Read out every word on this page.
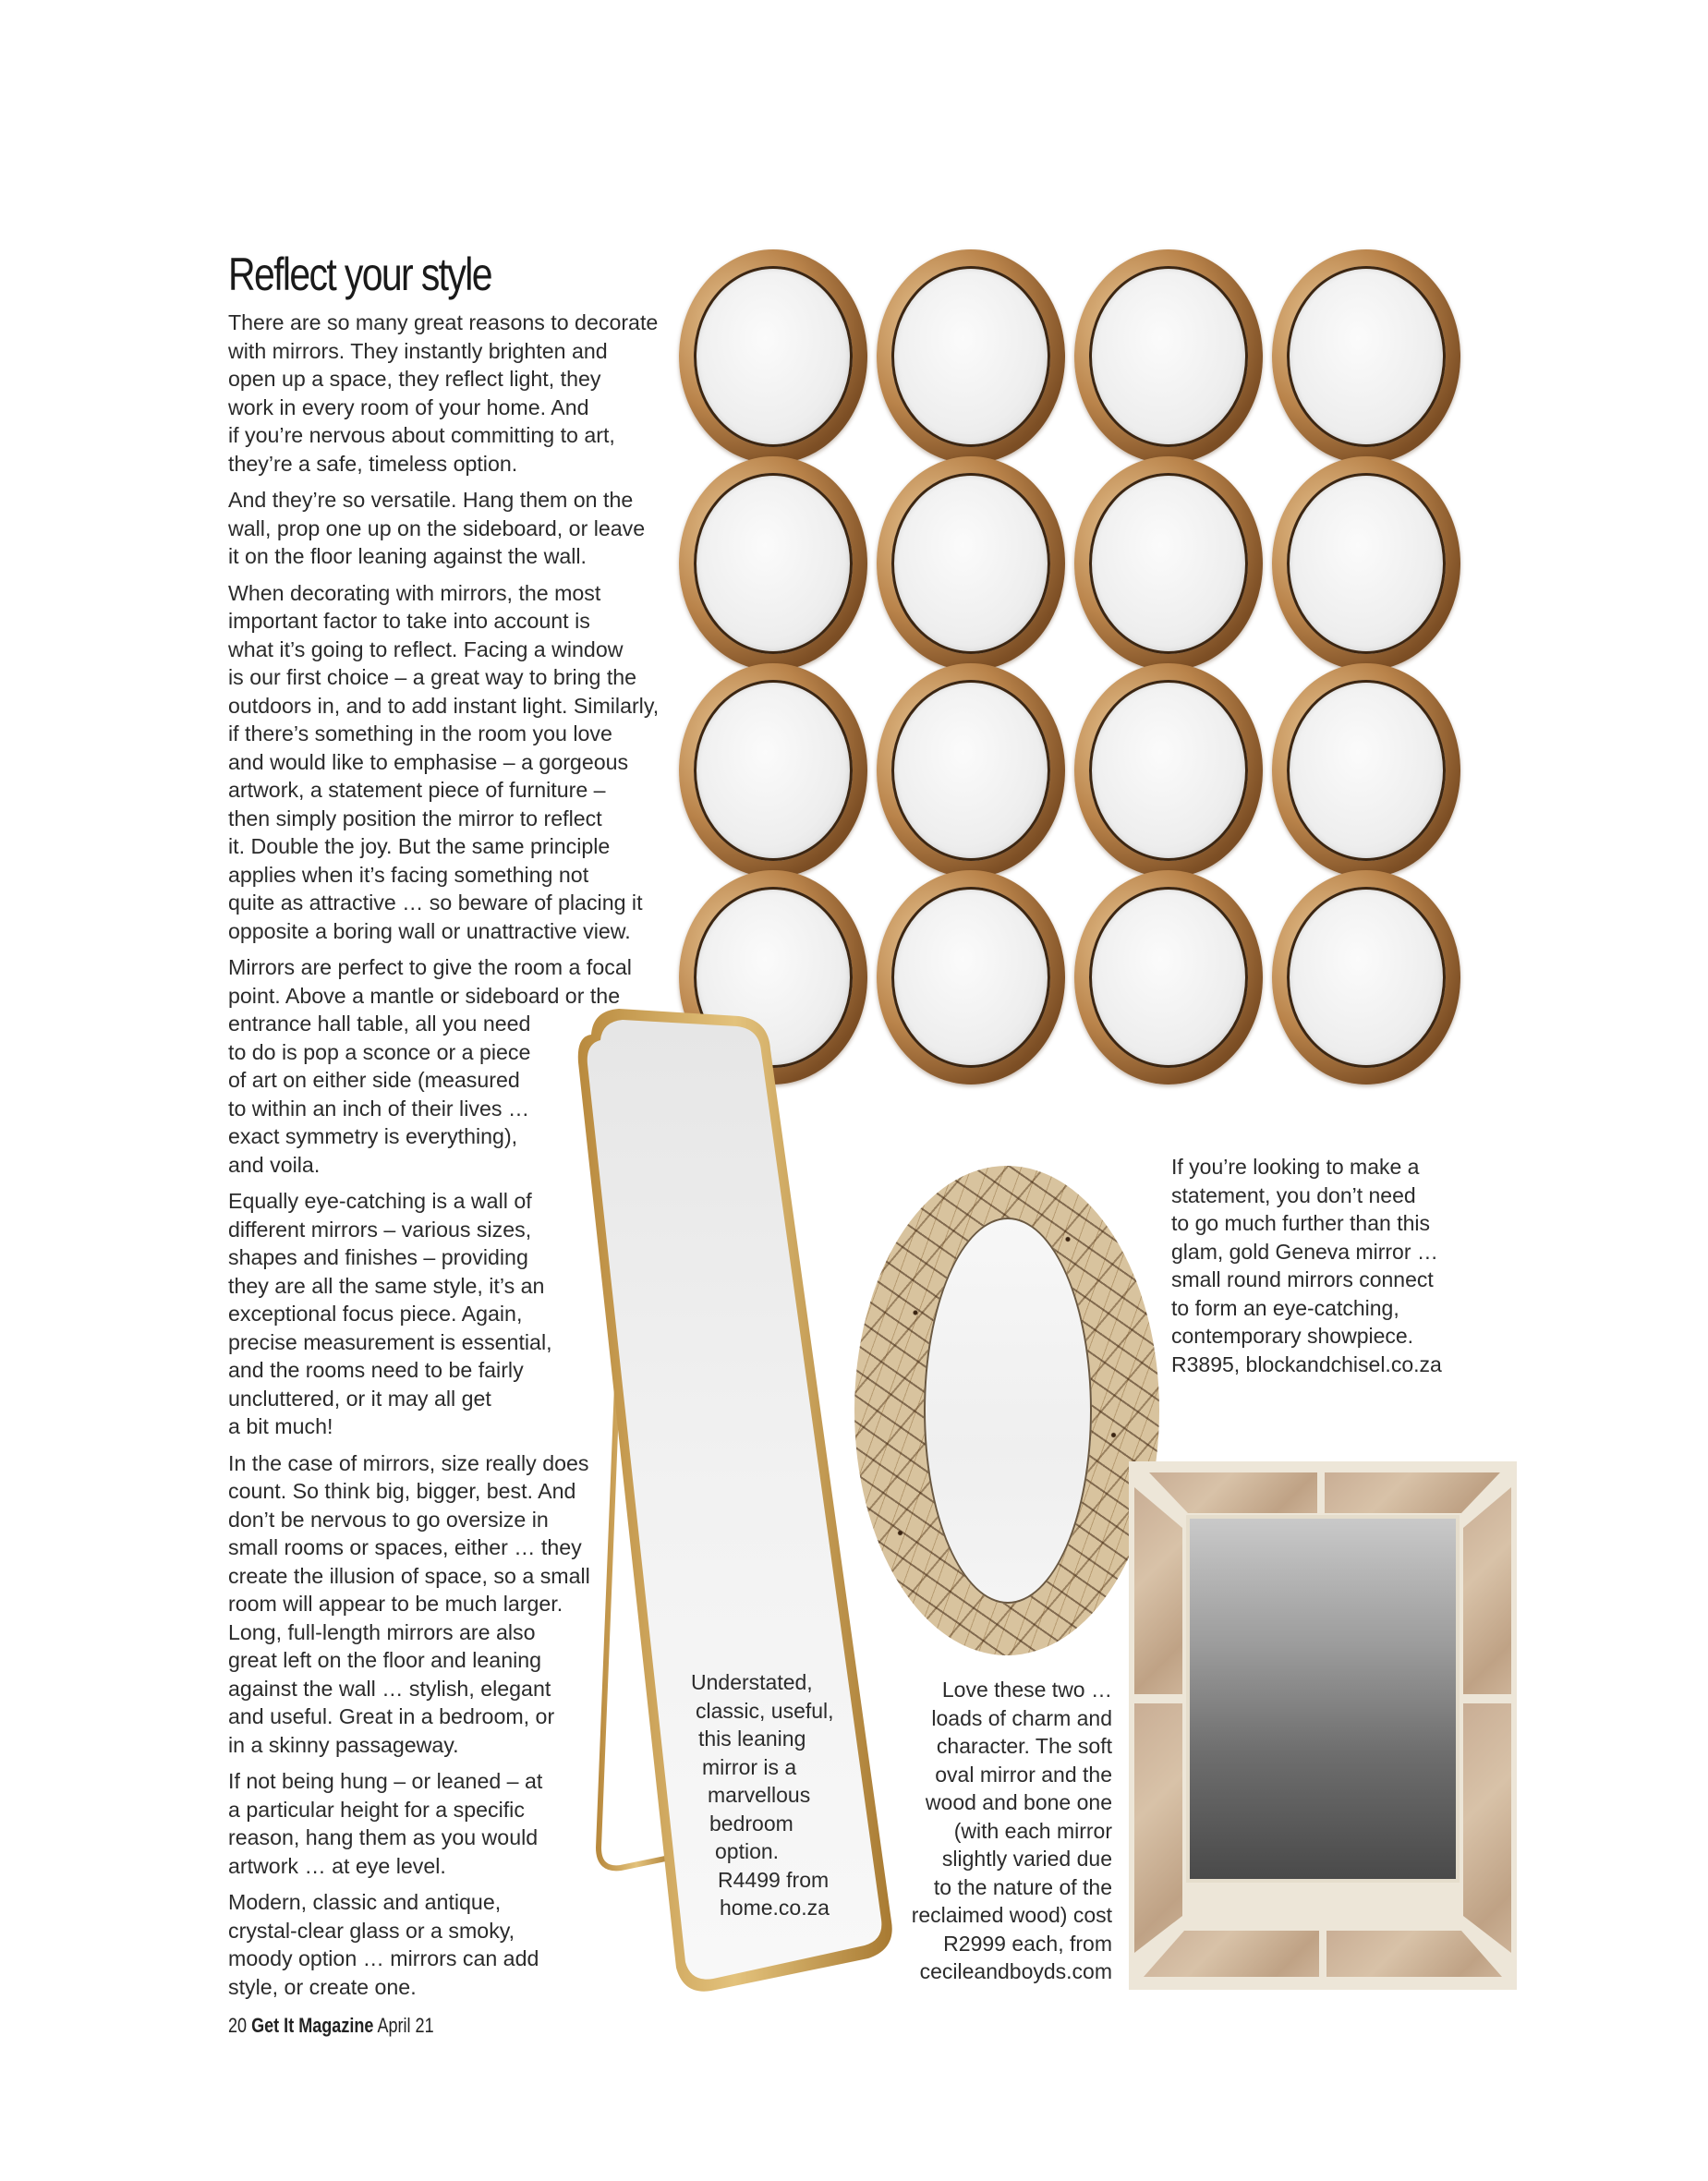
Reflect your style

There are so many great reasons to decorate
with mirrors. They instantly brighten and
open up a space, they reflect light, they
work in every room of your home. And
if you’re nervous about committing to art,
they’re a safe, timeless option.

And they’re so versatile. Hang them on the
wall, prop one up on the sideboard, or leave
it on the floor leaning against the wall.

When decorating with mirrors, the most
important factor to take into account is
what it’s going to reflect. Facing a window
is our first choice – a great way to bring the
outdoors in, and to add instant light. Similarly,
if there’s something in the room you love
and would like to emphasise – a gorgeous
artwork, a statement piece of furniture –
then simply position the mirror to reflect
it. Double the joy. But the same principle
applies when it’s facing something not
quite as attractive … so beware of placing it
opposite a boring wall or unattractive view.

Mirrors are perfect to give the room a focal
point. Above a mantle or sideboard or the
entrance hall table, all you need
to do is pop a sconce or a piece
of art on either side (measured
to within an inch of their lives …
exact symmetry is everything),
and voila.

Equally eye-catching is a wall of
different mirrors – various sizes,
shapes and finishes – providing
they are all the same style, it’s an
exceptional focus piece. Again,
precise measurement is essential,
and the rooms need to be fairly
uncluttered, or it may all get
a bit much!

In the case of mirrors, size really does
count. So think big, bigger, best. And
don’t be nervous to go oversize in
small rooms or spaces, either … they
create the illusion of space, so a small
room will appear to be much larger.
Long, full-length mirrors are also
great left on the floor and leaning
against the wall … stylish, elegant
and useful. Great in a bedroom, or
in a skinny passageway.

If not being hung – or leaned – at
a particular height for a specific
reason, hang them as you would
artwork … at eye level.

Modern, classic and antique,
crystal-clear glass or a smoky,
moody option … mirrors can add
style, or create one.

If you’re looking to make a
statement, you don’t need
to go much further than this
glam, gold Geneva mirror …
small round mirrors connect
to form an eye-catching,
contemporary showpiece.
R3895, blockandchisel.co.za
Understated,
classic, useful,
this leaning
mirror is a
marvellous
bedroom
option.
R4499 from
home.co.za
Love these two …
loads of charm and
character. The soft
oval mirror and the
wood and bone one
(with each mirror
slightly varied due
to the nature of the
reclaimed wood) cost
R2999 each, from
cecileandboyds.com
20 Get It Magazine April 21
